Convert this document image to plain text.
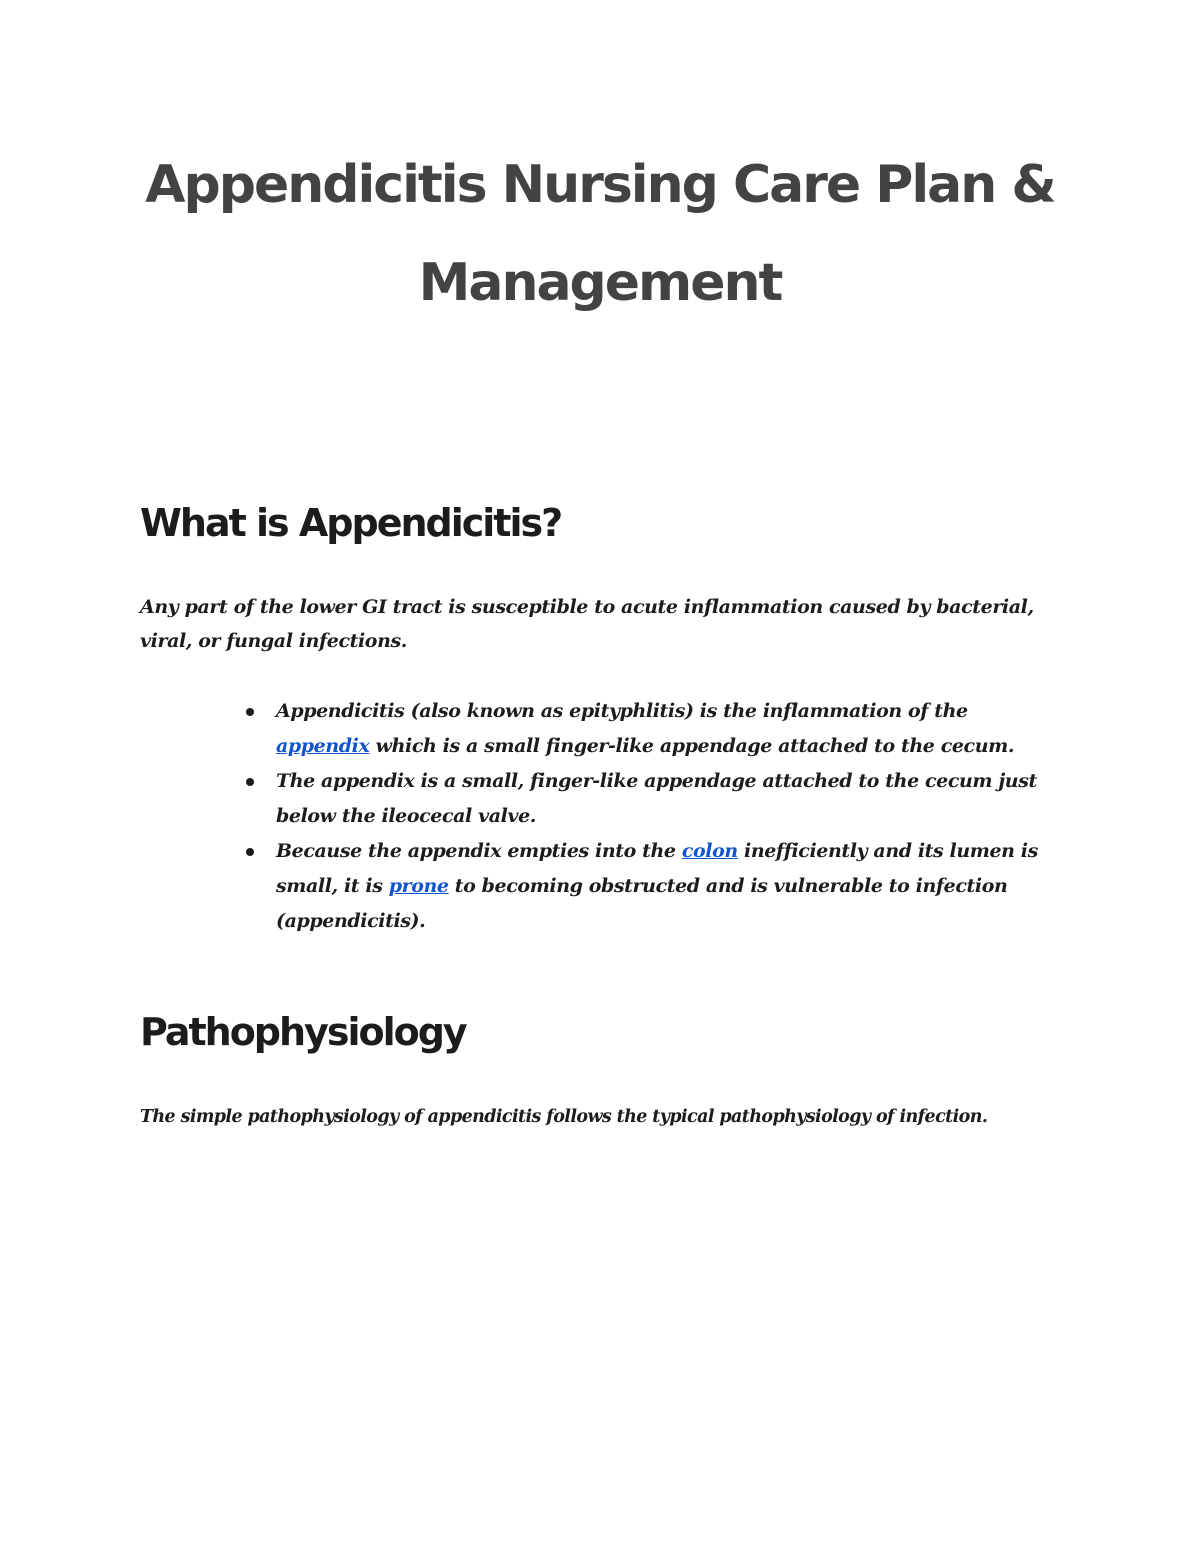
Appendicitis Nursing Care Plan &
Management
What is Appendicitis?

Any part of the lower GI tract is susceptible to acute inflammation caused by bacterial, viral, or fungal infections.

Appendicitis (also known as epityphlitis) is the inflammation of the appendix which is a small finger-like appendage attached to the cecum.
The appendix is a small, finger-like appendage attached to the cecum just below the ileocecal valve.
Because the appendix empties into the colon inefficiently and its lumen is small, it is prone to becoming obstructed and is vulnerable to infection (appendicitis).
Pathophysiology

The simple pathophysiology of appendicitis follows the typical pathophysiology of infection.
